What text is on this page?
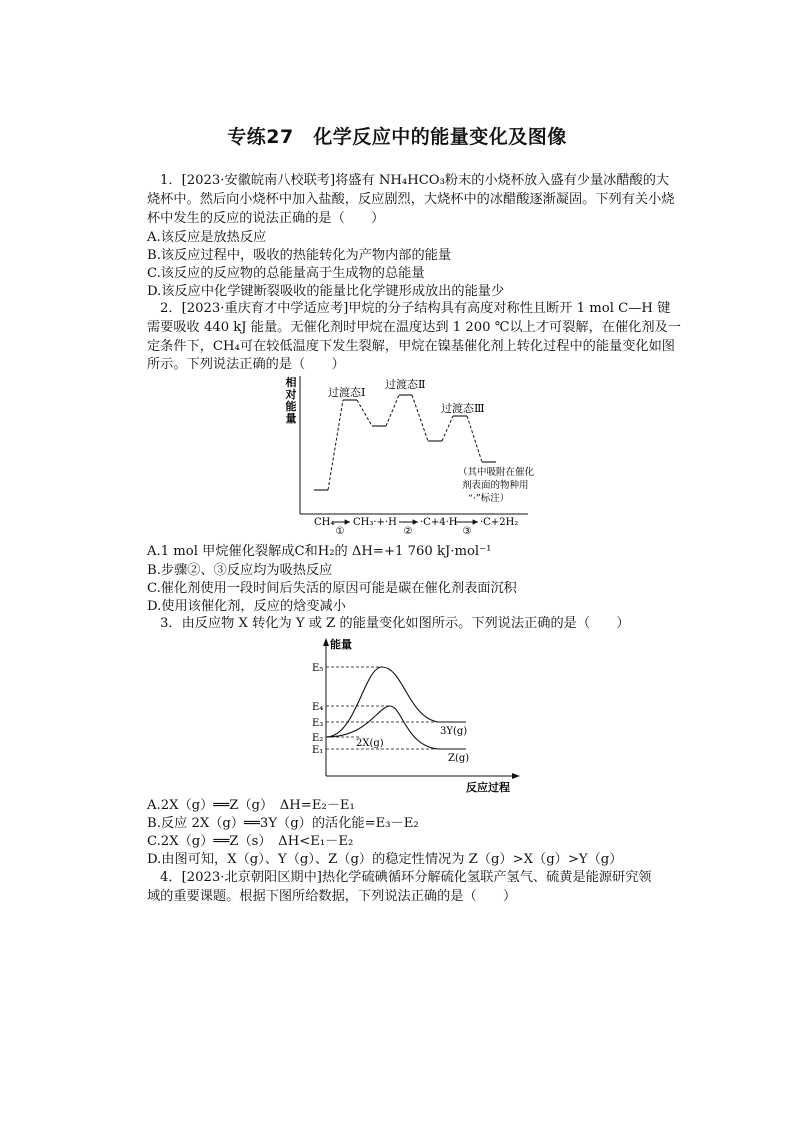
专练27　化学反应中的能量变化及图像
1．[2023·安徽皖南八校联考]将盛有 NH₄HCO₃粉末的小烧杯放入盛有少量冰醋酸的大
烧杯中。然后向小烧杯中加入盐酸，反应剧烈，大烧杯中的冰醋酸逐渐凝固。下列有关小烧
杯中发生的反应的说法正确的是（　　）
A.该反应是放热反应
B.该反应过程中，吸收的热能转化为产物内部的能量
C.该反应的反应物的总能量高于生成物的总能量
D.该反应中化学键断裂吸收的能量比化学键形成放出的能量少
2．[2023·重庆育才中学适应考]甲烷的分子结构具有高度对称性且断开 1 mol C—H 键
需要吸收 440 kJ 能量。无催化剂时甲烷在温度达到 1 200 ℃以上才可裂解，在催化剂及一
定条件下，CH₄可在较低温度下发生裂解，甲烷在镍基催化剂上转化过程中的能量变化如图
所示。下列说法正确的是（　　）
相
对
能
量
过渡态Ⅰ
过渡态Ⅱ
过渡态Ⅲ
（其中吸附在催化
剂表面的物种用
“·”标注）
CH₄
①
CH₃·+·H
②
·C+4·H
③
·C+2H₂
A.1 mol 甲烷催化裂解成C和H₂的 ΔH=+1 760 kJ·mol⁻¹
B.步骤②、③反应均为吸热反应
C.催化剂使用一段时间后失活的原因可能是碳在催化剂表面沉积
D.使用该催化剂，反应的焓变减小
3．由反应物 X 转化为 Y 或 Z 的能量变化如图所示。下列说法正确的是（　　）
能量
反应过程
E₅
E₄
E₃
E₂
E₁
3Y(g)
2X(g)
Z(g)
A.2X（g）══Z（g）　ΔH=E₂－E₁
B.反应 2X（g）══3Y（g）的活化能=E₃－E₂
C.2X（g）══Z（s）　ΔH<E₁－E₂
D.由图可知，X（g）、Y（g）、Z（g）的稳定性情况为 Z（g）>X（g）>Y（g）
4．[2023·北京朝阳区期中]热化学硫碘循环分解硫化氢联产氢气、硫黄是能源研究领
域的重要课题。根据下图所给数据，下列说法正确的是（　　）
